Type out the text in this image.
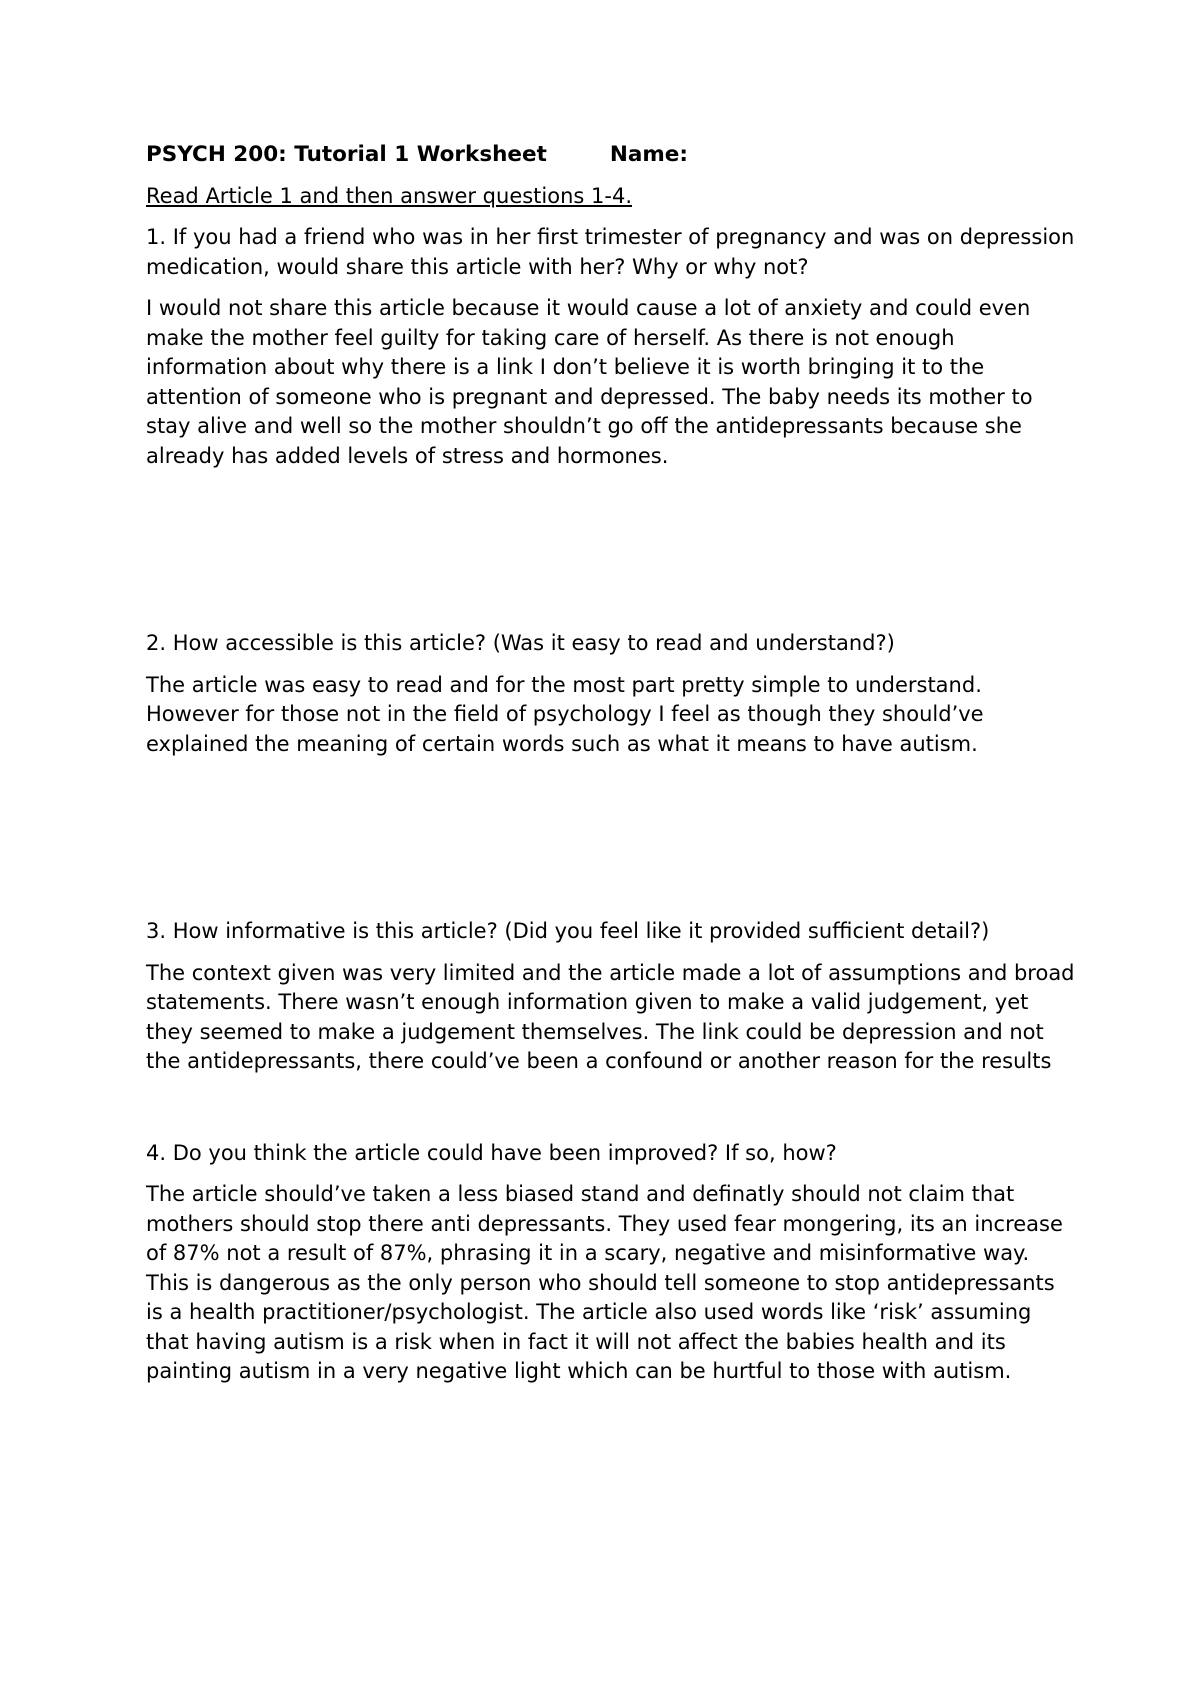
PSYCH 200: Tutorial 1 Worksheet	Name:

Read Article 1 and then answer questions 1-4.

1. If you had a friend who was in her first trimester of pregnancy and was on depression medication, would share this article with her? Why or why not?

I would not share this article because it would cause a lot of anxiety and could even make the mother feel guilty for taking care of herself. As there is not enough information about why there is a link I don’t believe it is worth bringing it to the attention of someone who is pregnant and depressed. The baby needs its mother to stay alive and well so the mother shouldn’t go off the antidepressants because she already has added levels of stress and hormones.

2. How accessible is this article? (Was it easy to read and understand?)

The article was easy to read and for the most part pretty simple to understand. However for those not in the field of psychology I feel as though they should’ve explained the meaning of certain words such as what it means to have autism.

3. How informative is this article? (Did you feel like it provided sufficient detail?)

The context given was very limited and the article made a lot of assumptions and broad statements. There wasn’t enough information given to make a valid judgement, yet they seemed to make a judgement themselves. The link could be depression and not the antidepressants, there could’ve been a confound or another reason for the results

4. Do you think the article could have been improved? If so, how?

The article should’ve taken a less biased stand and definatly should not claim that mothers should stop there anti depressants. They used fear mongering, its an increase of 87% not a result of 87%, phrasing it in a scary, negative and misinformative way. This is dangerous as the only person who should tell someone to stop antidepressants is a health practitioner/psychologist. The article also used words like ‘risk’ assuming that having autism is a risk when in fact it will not affect the babies health and its painting autism in a very negative light which can be hurtful to those with autism.
